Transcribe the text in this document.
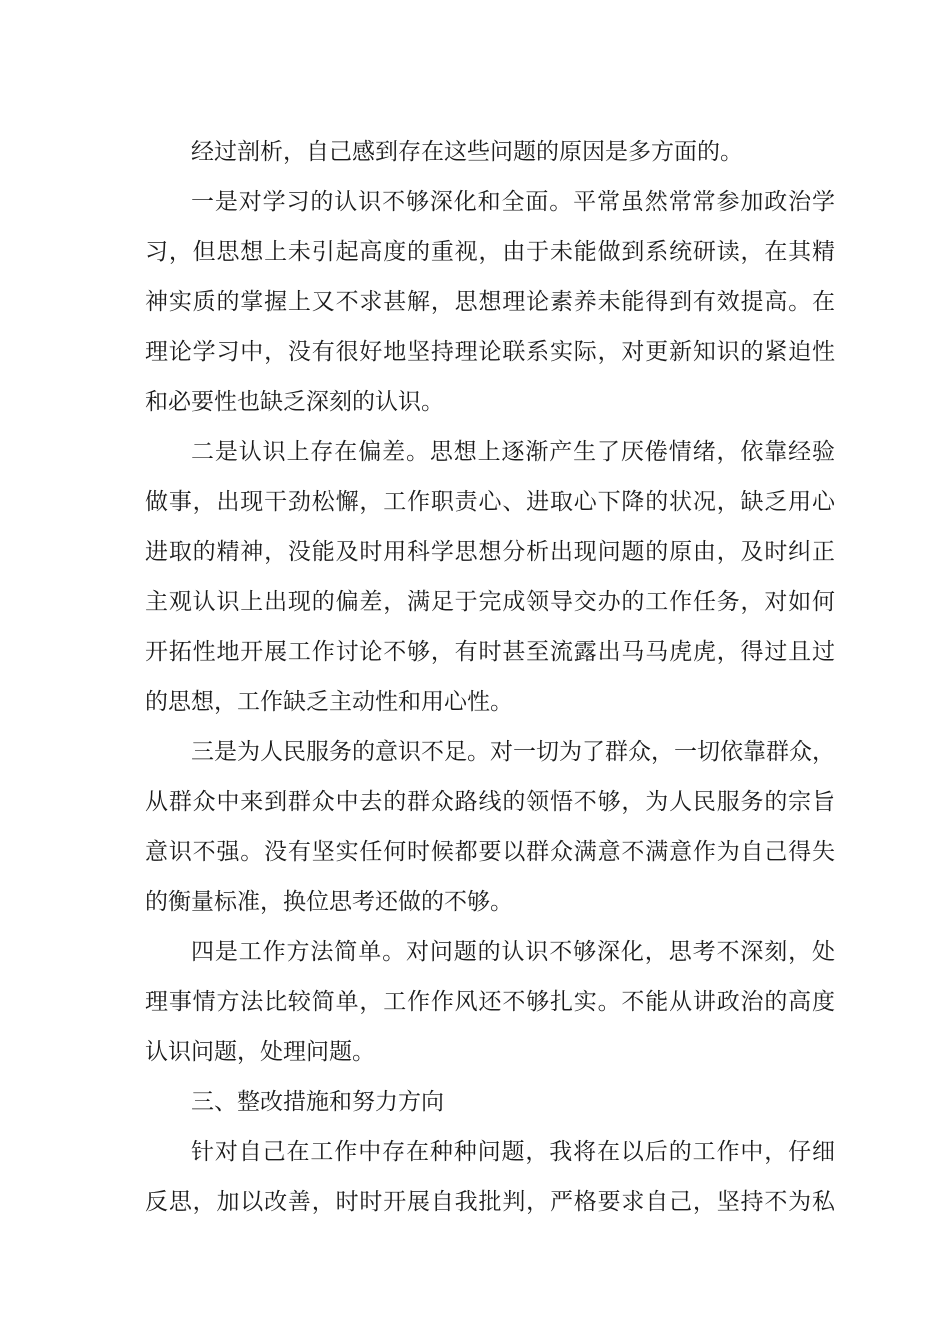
经过剖析，自己感到存在这些问题的原因是多方面的。
一是对学习的认识不够深化和全面。平常虽然常常参加政治学
习，但思想上未引起高度的重视，由于未能做到系统研读，在其精
神实质的掌握上又不求甚解，思想理论素养未能得到有效提高。在
理论学习中，没有很好地坚持理论联系实际，对更新知识的紧迫性
和必要性也缺乏深刻的认识。
二是认识上存在偏差。思想上逐渐产生了厌倦情绪，依靠经验
做事，出现干劲松懈，工作职责心、进取心下降的状况，缺乏用心
进取的精神，没能及时用科学思想分析出现问题的原由，及时纠正
主观认识上出现的偏差，满足于完成领导交办的工作任务，对如何
开拓性地开展工作讨论不够，有时甚至流露出马马虎虎，得过且过
的思想，工作缺乏主动性和用心性。
三是为人民服务的意识不足。对一切为了群众，一切依靠群众，
从群众中来到群众中去的群众路线的领悟不够，为人民服务的宗旨
意识不强。没有坚实任何时候都要以群众满意不满意作为自己得失
的衡量标准，换位思考还做的不够。
四是工作方法简单。对问题的认识不够深化，思考不深刻，处
理事情方法比较简单，工作作风还不够扎实。不能从讲政治的高度
认识问题，处理问题。
三、整改措施和努力方向
针对自己在工作中存在种种问题，我将在以后的工作中，仔细
反思，加以改善，时时开展自我批判，严格要求自己，坚持不为私
